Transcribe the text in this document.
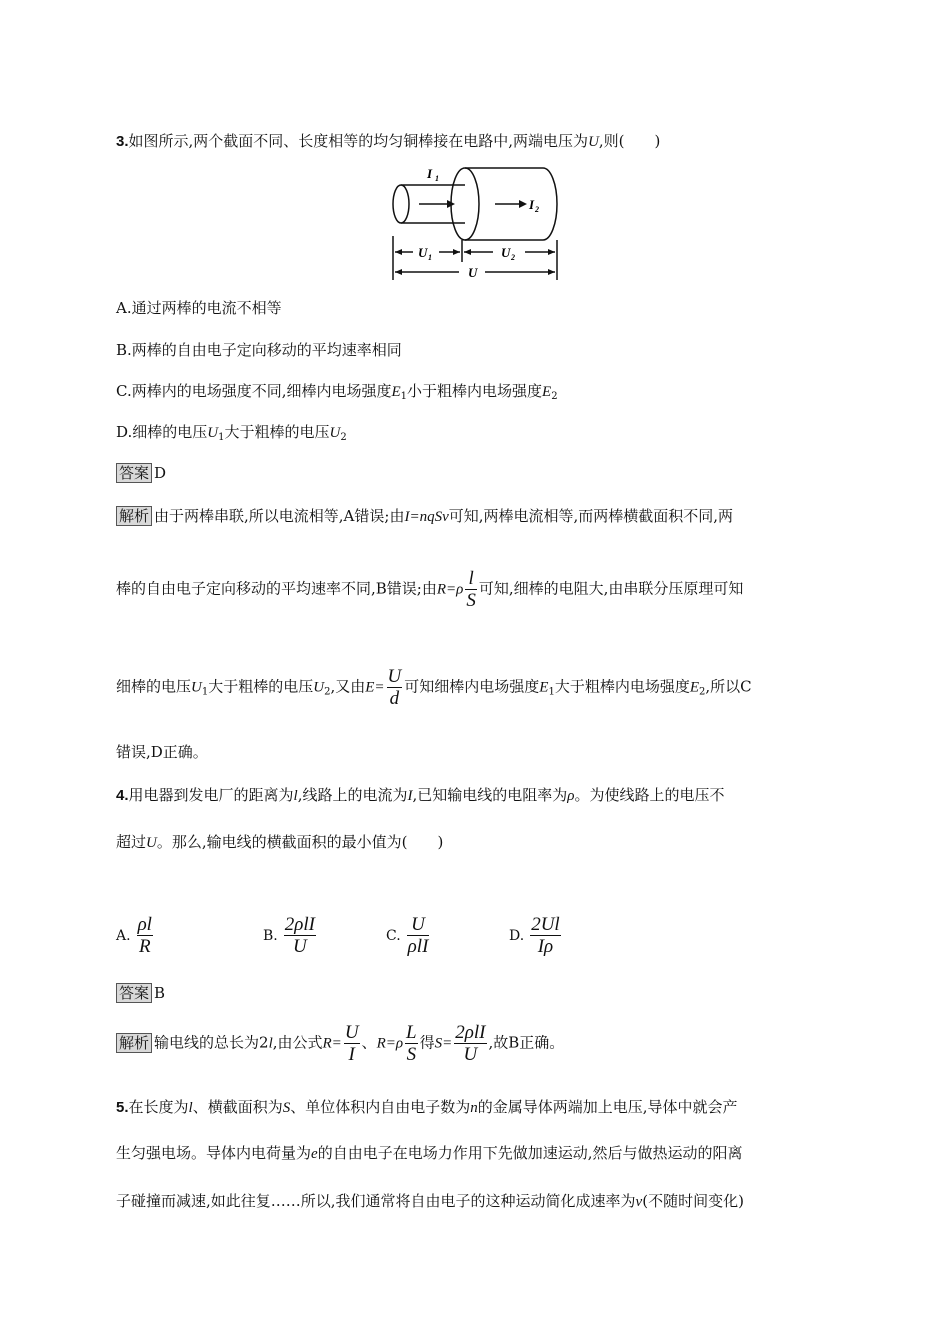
3.如图所示,两个截面不同、长度相等的均匀铜棒接在电路中,两端电压为U,则(　　)
I 1
I 2
U 1	U 2
U
A.通过两棒的电流不相等
B.两棒的自由电子定向移动的平均速率相同
C.两棒内的电场强度不同,细棒内电场强度$E_1$小于粗棒内电场强度$E_2$
D.细棒的电压$U_1$大于粗棒的电压$U_2$
答案 D
解析 由于两棒串联,所以电流相等,A错误;由I=nqSv可知,两棒电流相等,而两棒横截面积不同,两
棒的自由电子定向移动的平均速率不同,B错误;由$R=\rho \frac{l}{S}$ 可知,细棒的电阻大,由串联分压原理可知
细棒的电压$U_1$大于粗棒的电压$U_2$,又由$E= \frac{U}{d}$ 可知细棒内电场强度$E_1$大于粗棒内电场强度$E_2$,所以C
错误,D正确。
4.用电器到发电厂的距离为l,线路上的电流为I,已知输电线的电阻率为ρ。为使线路上的电压不
超过U。那么,输电线的横截面积的最小值为(　　)
A. $\frac{\rho l}{R}$	B. $\frac{\text{2ρlI}}{U}$	C. $\frac{U}{\text{ρlI}}$	D. $\frac{2Ul}{I\rho}$
答案 B
解析 输电线的总长为2l,由公式$R= \frac{U}{I}$ 、$R=\rho \frac{L}{S}$ 得$S= \frac{\text{2ρlI}}{U}$ ,故B正确。
5.在长度为l、横截面积为S、单位体积内自由电子数为n的金属导体两端加上电压,导体中就会产
生匀强电场。导体内电荷量为e的自由电子在电场力作用下先做加速运动,然后与做热运动的阳离
子碰撞而减速,如此往复……所以,我们通常将自由电子的这种运动简化成速率为v(不随时间变化)
